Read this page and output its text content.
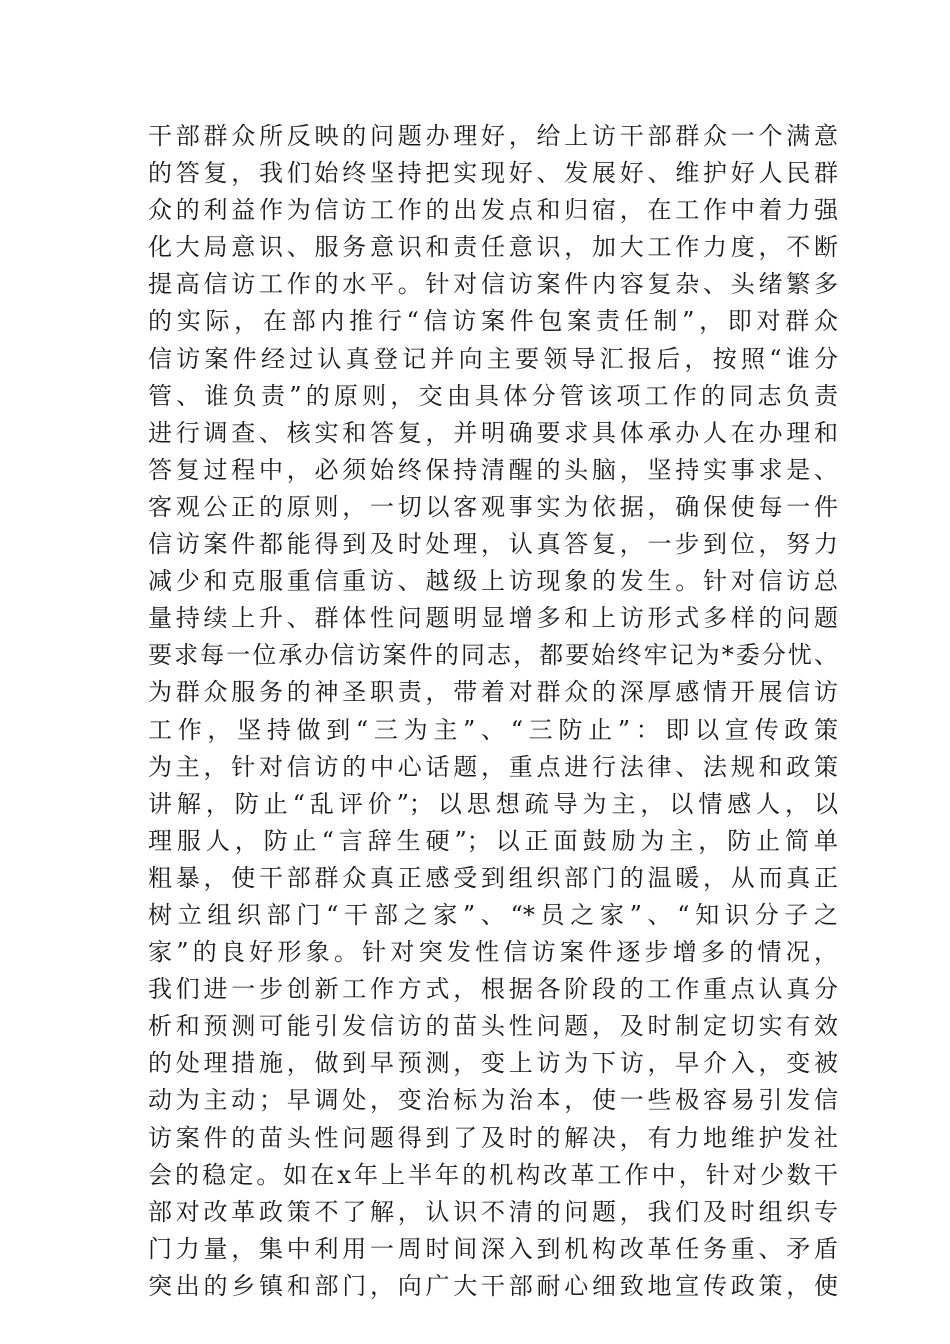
干部群众所反映的问题办理好，给上访干部群众一个满意
的答复，我们始终坚持把实现好、发展好、维护好人民群
众的利益作为信访工作的出发点和归宿，在工作中着力强
化大局意识、服务意识和责任意识，加大工作力度，不断
提高信访工作的水平。针对信访案件内容复杂、头绪繁多
的实际，在部内推行“信访案件包案责任制”，即对群众
信访案件经过认真登记并向主要领导汇报后，按照“谁分
管、谁负责”的原则，交由具体分管该项工作的同志负责
进行调查、核实和答复，并明确要求具体承办人在办理和
答复过程中，必须始终保持清醒的头脑，坚持实事求是、
客观公正的原则，一切以客观事实为依据，确保使每一件
信访案件都能得到及时处理，认真答复，一步到位，努力
减少和克服重信重访、越级上访现象的发生。针对信访总
量持续上升、群体性问题明显增多和上访形式多样的问题
要求每一位承办信访案件的同志，都要始终牢记为*委分忧、
为群众服务的神圣职责，带着对群众的深厚感情开展信访
工作，坚持做到“三为主”、“三防止”：即以宣传政策
为主，针对信访的中心话题，重点进行法律、法规和政策
讲解，防止“乱评价”；以思想疏导为主，以情感人，以
理服人，防止“言辞生硬”；以正面鼓励为主，防止简单
粗暴，使干部群众真正感受到组织部门的温暖，从而真正
树立组织部门“干部之家”、“*员之家”、“知识分子之
家”的良好形象。针对突发性信访案件逐步增多的情况，
我们进一步创新工作方式，根据各阶段的工作重点认真分
析和预测可能引发信访的苗头性问题，及时制定切实有效
的处理措施，做到早预测，变上访为下访，早介入，变被
动为主动；早调处，变治标为治本，使一些极容易引发信
访案件的苗头性问题得到了及时的解决，有力地维护发社
会的稳定。如在x年上半年的机构改革工作中，针对少数干
部对改革政策不了解，认识不清的问题，我们及时组织专
门力量，集中利用一周时间深入到机构改革任务重、矛盾
突出的乡镇和部门，向广大干部耐心细致地宣传政策，使
